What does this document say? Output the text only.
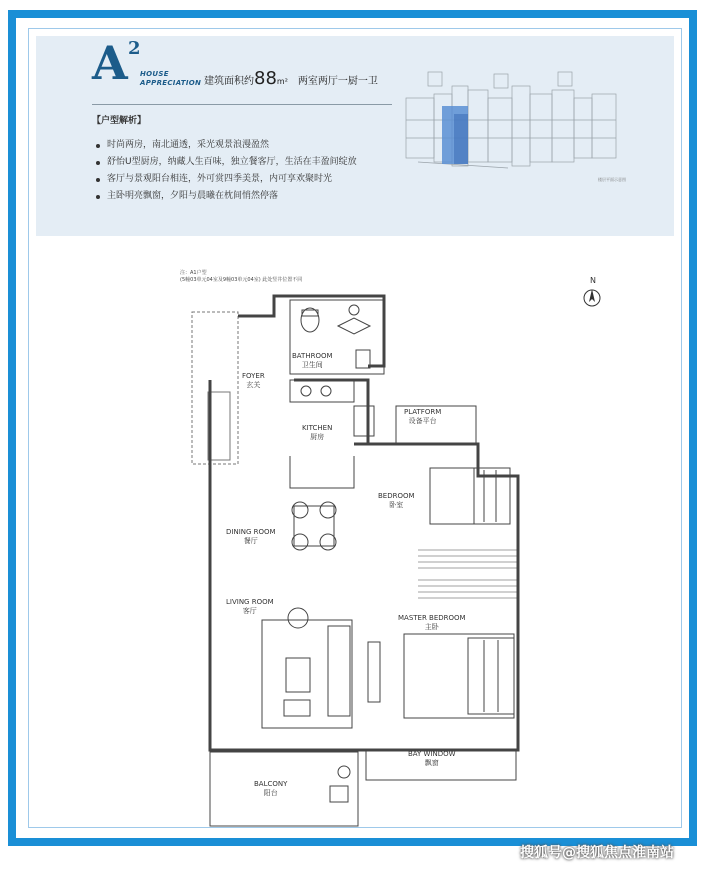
A 2
HOUSE
APPRECIATION 建筑面积约88m² 两室两厅一厨一卫
【户型解析】
时尚两房，南北通透，采光观景浪漫盈然
舒怡U型厨房，纳藏人生百味，独立餐客厅，生活在丰盈间绽放
客厅与景观阳台相连，外可赏四季美景，内可享欢聚时光
主卧明亮飘窗，夕阳与晨曦在枕间悄然停落
楼层平面示意图
注：A1户型
(5幢03单元04室及9幢03单元04室) 此处竖井位置不同	N
BATHROOM
卫生间
FOYER
玄关
KITCHEN
厨房
PLATFORM
设备平台
BEDROOM
卧室
DINING ROOM
餐厅
LIVING ROOM
客厅
MASTER BEDROOM
主卧
BAY WINDOW
飘窗
BALCONY
阳台
搜狐号@搜狐焦点淮南站
